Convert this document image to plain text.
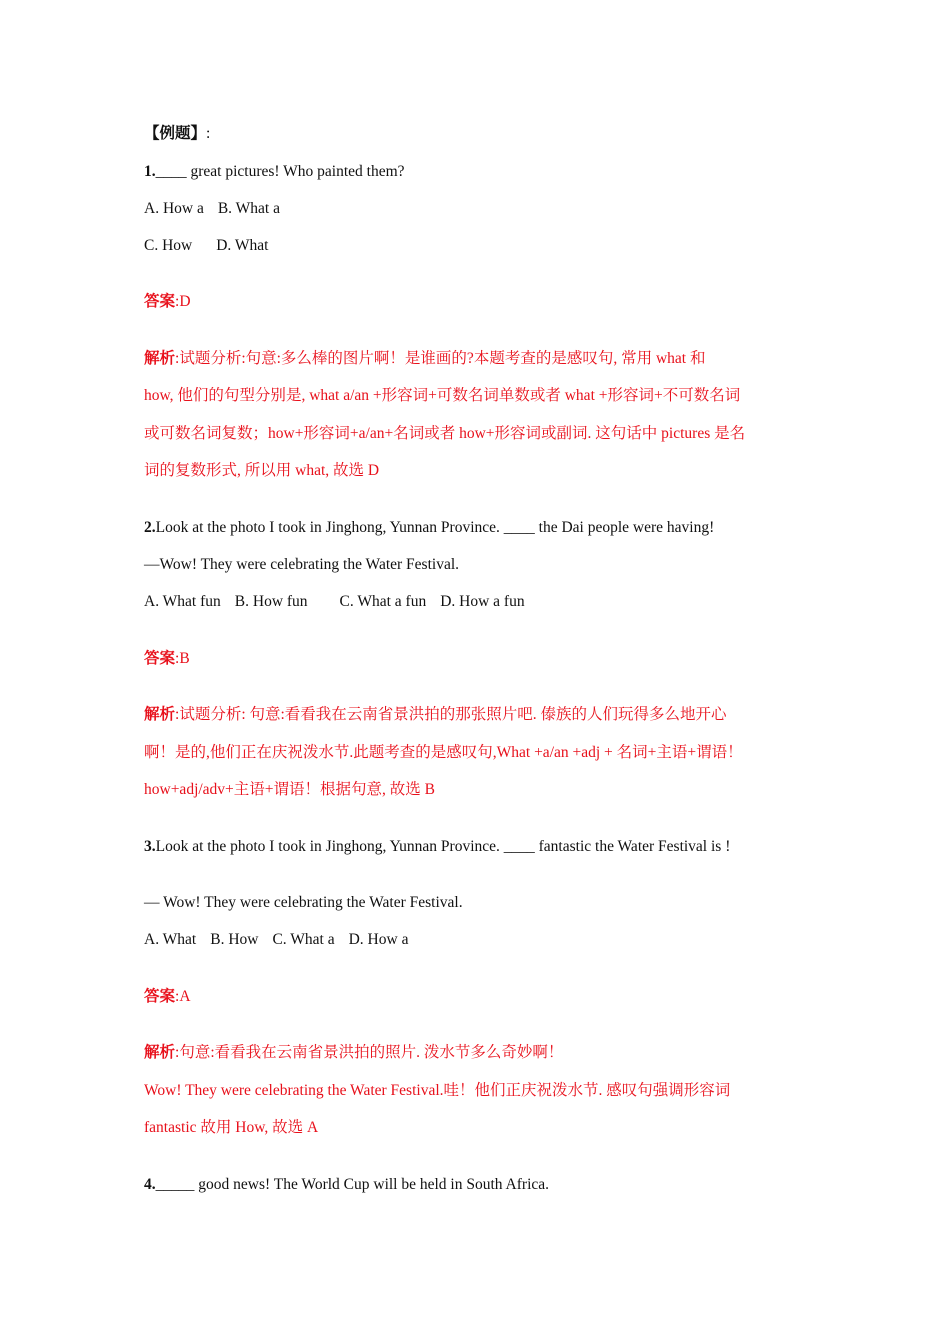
【例题】:
1.____ great pictures! Who painted them?
A. How a B. What a
C. How D. What
答案:D
解析:试题分析:句意:多么棒的图片啊！是谁画的?本题考查的是感叹句, 常用 what 和
how, 他们的句型分别是, what a/an +形容词+可数名词单数或者 what +形容词+不可数名词
或可数名词复数；how+形容词+a/an+名词或者 how+形容词或副词. 这句话中 pictures 是名
词的复数形式, 所以用 what, 故选 D
2.Look at the photo I took in Jinghong, Yunnan Province. ____ the Dai people were having!
—Wow! They were celebrating the Water Festival.
A. What fun B. How fun C. What a fun D. How a fun
答案:B
解析:试题分析: 句意:看看我在云南省景洪拍的那张照片吧. 傣族的人们玩得多么地开心
啊！是的,他们正在庆祝泼水节.此题考查的是感叹句,What +a/an +adj + 名词+主语+谓语！
how+adj/adv+主语+谓语！根据句意, 故选 B
3.Look at the photo I took in Jinghong, Yunnan Province. ____ fantastic the Water Festival is !
— Wow! They were celebrating the Water Festival.
A. What B. How C. What a D. How a
答案:A
解析:句意:看看我在云南省景洪拍的照片. 泼水节多么奇妙啊！
Wow! They were celebrating the Water Festival.哇！他们正庆祝泼水节. 感叹句强调形容词
fantastic 故用 How, 故选 A
4._____ good news! The World Cup will be held in South Africa.
